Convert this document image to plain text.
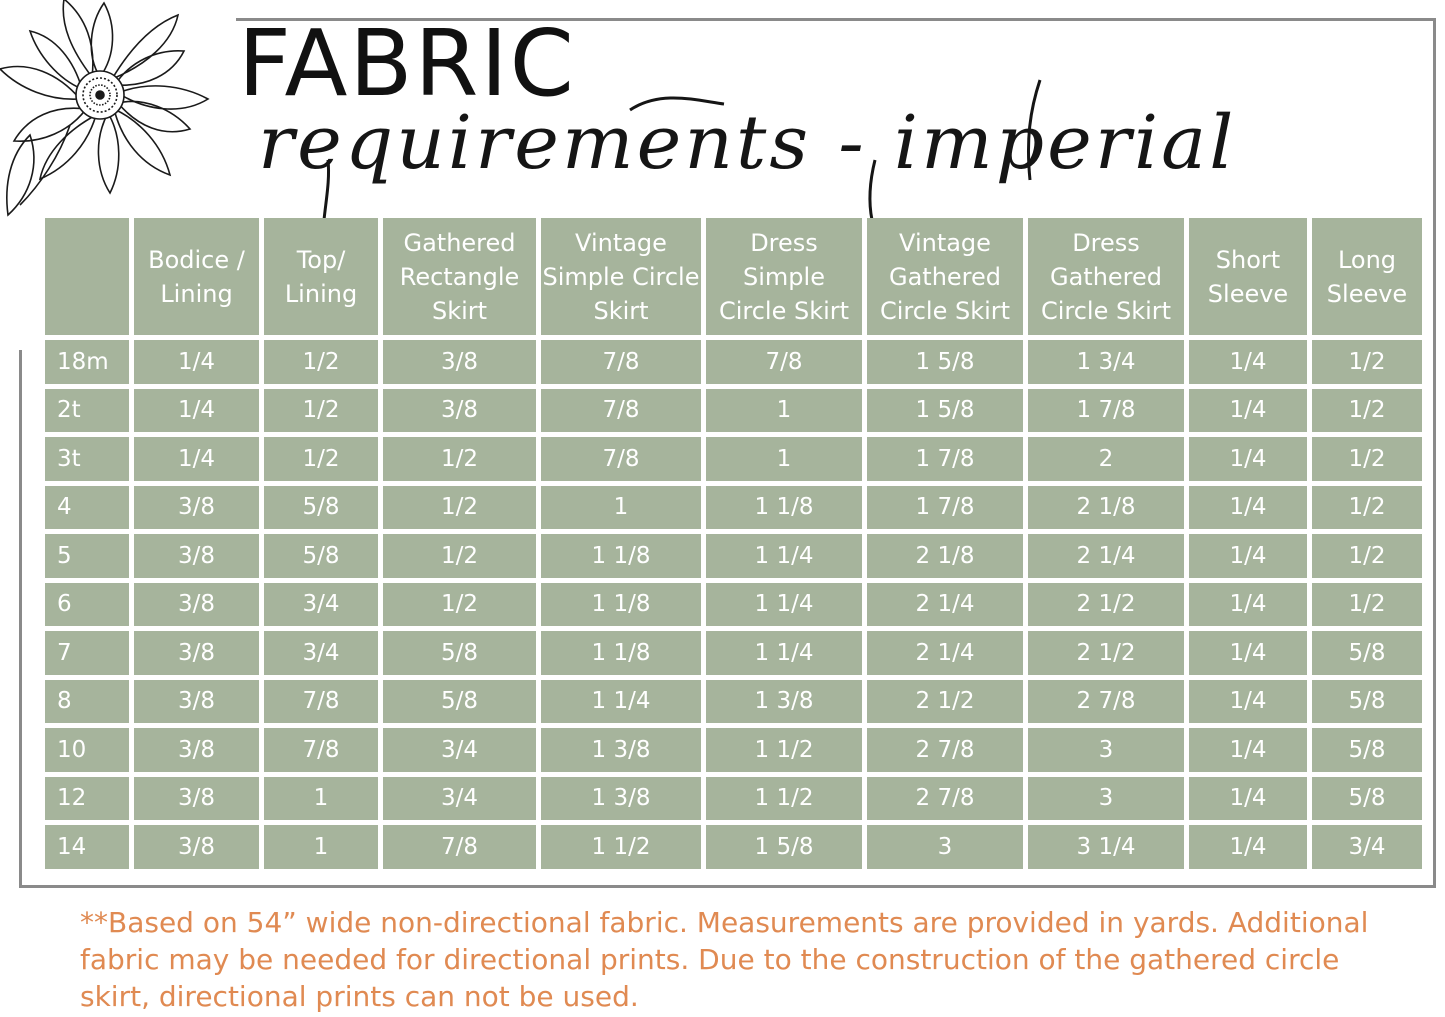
FABRIC
requirements - imperial
	Bodice / Lining	Top/ Lining	Gathered Rectangle Skirt	Vintage Simple Circle Skirt	Dress Simple Circle Skirt	Vintage Gathered Circle Skirt	Dress Gathered Circle Skirt	Short Sleeve	Long Sleeve
18m	1/4	1/2	3/8	7/8	7/8	1 5/8	1 3/4	1/4	1/2
2t	1/4	1/2	3/8	7/8	1	1 5/8	1 7/8	1/4	1/2
3t	1/4	1/2	1/2	7/8	1	1 7/8	2	1/4	1/2
4	3/8	5/8	1/2	1	1 1/8	1 7/8	2 1/8	1/4	1/2
5	3/8	5/8	1/2	1 1/8	1 1/4	2 1/8	2 1/4	1/4	1/2
6	3/8	3/4	1/2	1 1/8	1 1/4	2 1/4	2 1/2	1/4	1/2
7	3/8	3/4	5/8	1 1/8	1 1/4	2 1/4	2 1/2	1/4	5/8
8	3/8	7/8	5/8	1 1/4	1 3/8	2 1/2	2 7/8	1/4	5/8
10	3/8	7/8	3/4	1 3/8	1 1/2	2 7/8	3	1/4	5/8
12	3/8	1	3/4	1 3/8	1 1/2	2 7/8	3	1/4	5/8
14	3/8	1	7/8	1 1/2	1 5/8	3	3 1/4	1/4	3/4

**Based on 54” wide non-directional fabric. Measurements are provided in yards. Additional fabric may be needed for directional prints. Due to the construction of the gathered circle skirt, directional prints can not be used.
